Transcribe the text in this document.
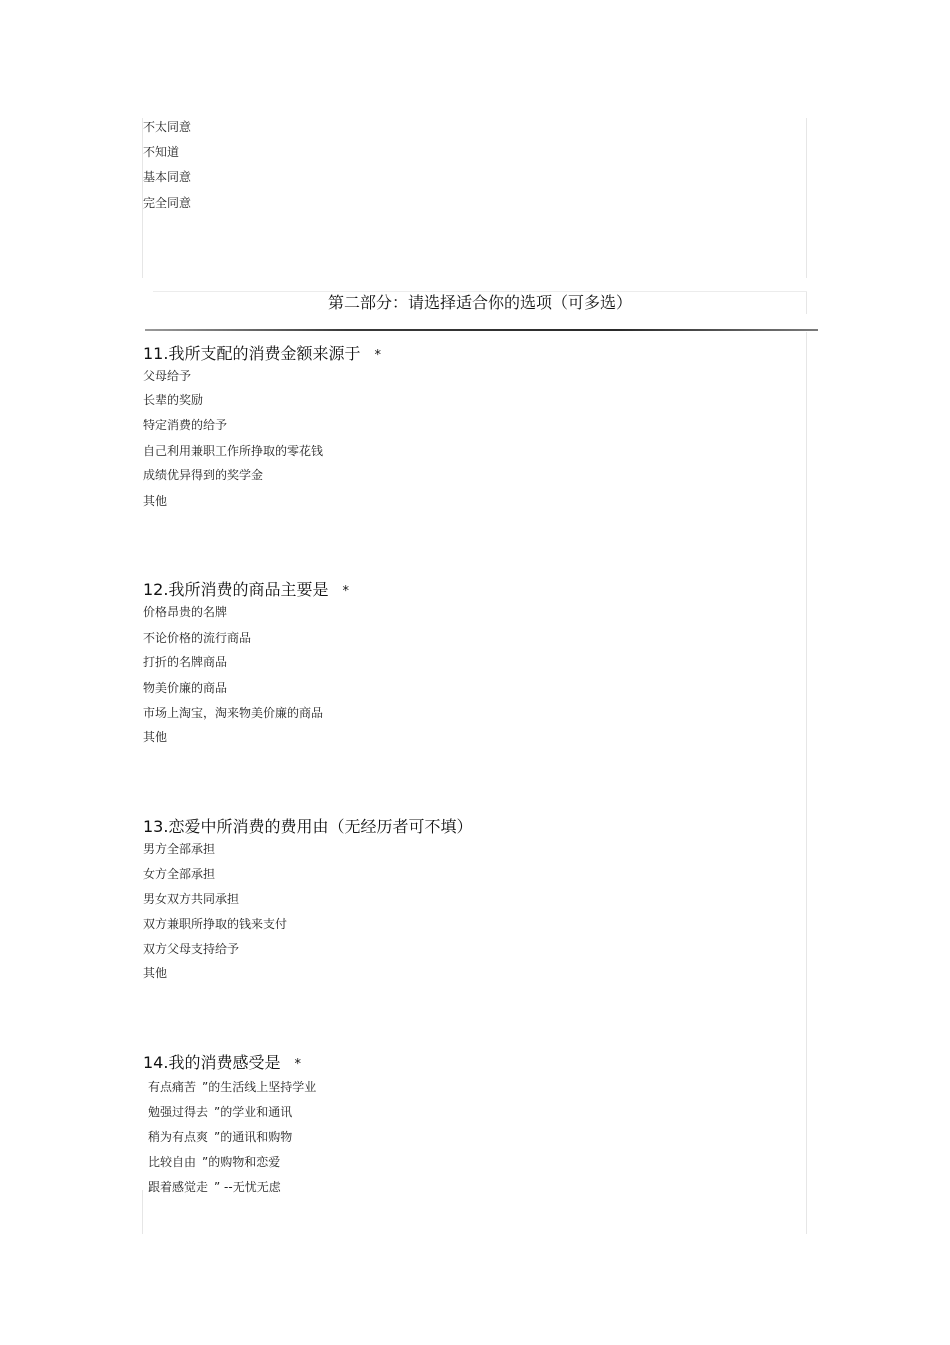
不太同意
不知道
基本同意
完全同意
第二部分：请选择适合你的选项（可多选）
11.我所支配的消费金额来源于 *
父母给予
长辈的奖励
特定消费的给予
自己利用兼职工作所挣取的零花钱
成绩优异得到的奖学金
其他
12.我所消费的商品主要是 *
价格昂贵的名牌
不论价格的流行商品
打折的名牌商品
物美价廉的商品
市场上淘宝，淘来物美价廉的商品
其他
13.恋爱中所消费的费用由（无经历者可不填）
男方全部承担
女方全部承担
男女双方共同承担
双方兼职所挣取的钱来支付
双方父母支持给予
其他
14.我的消费感受是 *
有点痛苦 ”的生活线上坚持学业
勉强过得去 ”的学业和通讯
稍为有点爽 ”的通讯和购物
比较自由 ”的购物和恋爱
跟着感觉走 ” --无忧无虑
